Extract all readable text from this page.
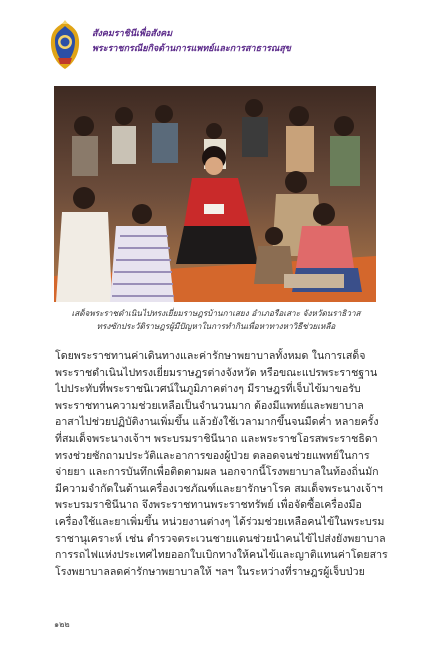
สังคมราชินีเพื่อสังคม
พระราชกรณียกิจด้านการแพทย์และการสาธารณสุข
เสด็จพระราชดำเนินไปทรงเยี่ยมราษฎรบ้านกาเสยง อำเภอรือเสาะ จังหวัดนราธิวาส
ทรงซักประวัติราษฎรผู้มีปัญหาในการทำกินเพื่อหาทางหาวิธีช่วยเหลือ
โดยพระราชทานค่าเดินทางและค่ารักษาพยาบาลทั้งหมด ในการเสด็จ
พระราชดำเนินไปทรงเยี่ยมราษฎรต่างจังหวัด หรือขณะแปรพระราชฐาน
ไปประทับที่พระราชนิเวศน์ในภูมิภาคต่างๆ มีราษฎรที่เจ็บไข้มาขอรับ
พระราชทานความช่วยเหลือเป็นจำนวนมาก ต้องมีแพทย์และพยาบาล
อาสาไปช่วยปฏิบัติงานเพิ่มขึ้น แล้วยังใช้เวลามากขึ้นจนมืดค่ำ หลายครั้ง
ที่สมเด็จพระนางเจ้าฯ พระบรมราชินีนาถ และพระราชโอรสพระราชธิดา
ทรงช่วยซักถามประวัติและอาการของผู้ป่วย ตลอดจนช่วยแพทย์ในการ
จ่ายยา และการบันทึกเพื่อติดตามผล นอกจากนี้โรงพยาบาลในท้องถิ่นมัก
มีความจำกัดในด้านเครื่องเวชภัณฑ์และยารักษาโรค สมเด็จพระนางเจ้าฯ
พระบรมราชินีนาถ จึงพระราชทานพระราชทรัพย์ เพื่อจัดซื้อเครื่องมือ
เครื่องใช้และยาเพิ่มขึ้น หน่วยงานต่างๆ ได้ร่วมช่วยเหลือคนไข้ในพระบรม
ราชานุเคราะห์ เช่น ตำรวจตระเวนชายแดนช่วยนำคนไข้ไปส่งยังพยาบาล
การรถไฟแห่งประเทศไทยออกใบเบิกทางให้คนไข้และญาติแทนค่าโดยสาร
โรงพยาบาลลดค่ารักษาพยาบาลให้ ฯลฯ ในระหว่างที่ราษฎรผู้เจ็บป่วย
๑๒๒
